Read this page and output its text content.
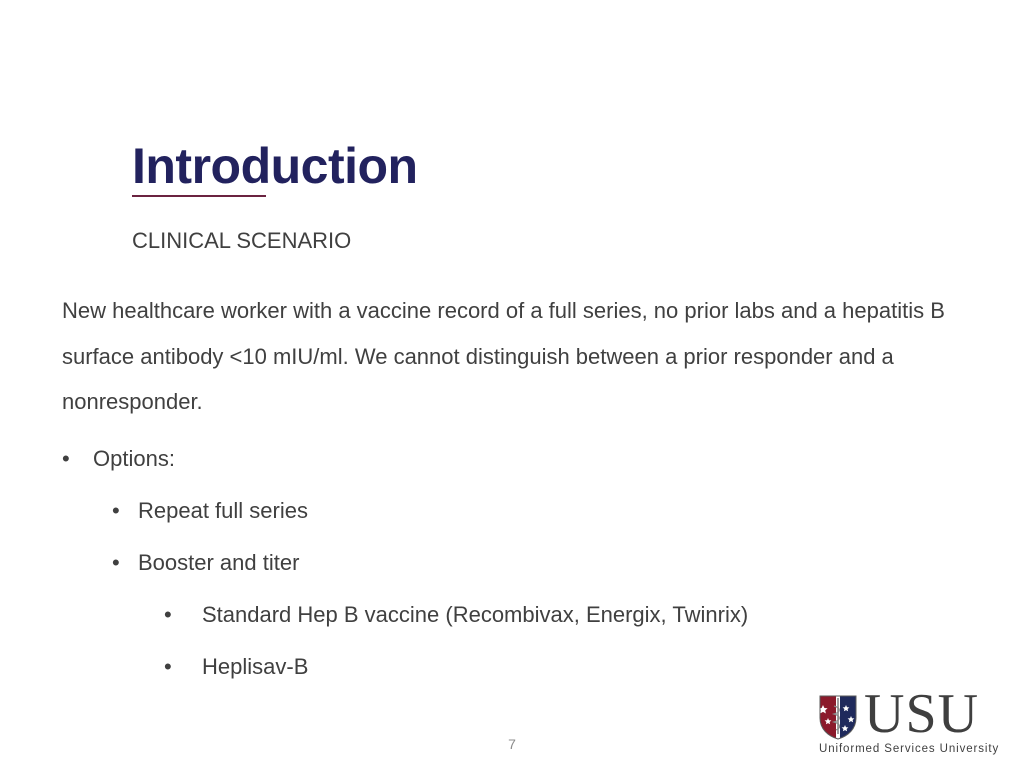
Introduction
CLINICAL SCENARIO
New healthcare worker with a vaccine record of a full series, no prior labs and a hepatitis B surface antibody <10 mIU/ml. We cannot distinguish between a prior responder and a nonresponder.
• Options:
• Repeat full series
• Booster and titer
• Standard Hep B vaccine (Recombivax, Energix, Twinrix)
• Heplisav-B
7	USU
Uniformed Services University
